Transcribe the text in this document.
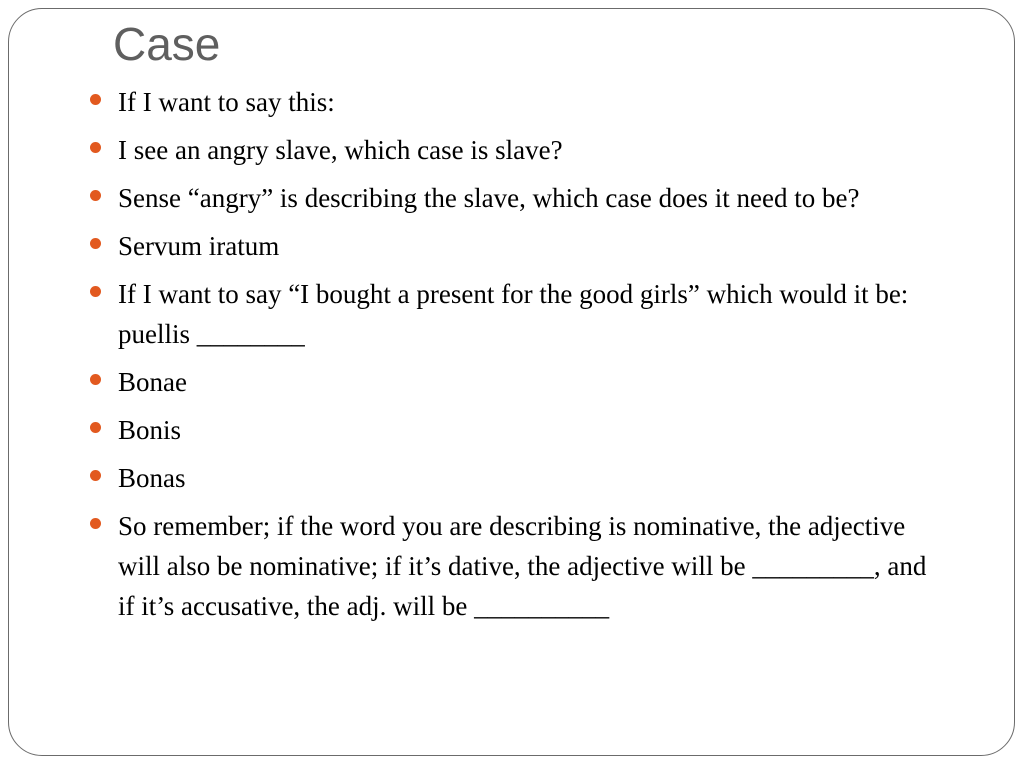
Case
If I want to say this:
I see an angry slave, which case is slave?
Sense “angry” is describing the slave, which case does it need to be?
Servum iratum
If I want to say “I bought a present for the good girls” which would it be: puellis ________
Bonae
Bonis
Bonas
So remember; if the word you are describing is nominative, the adjective will also be nominative; if it’s dative, the adjective will be _________, and if it’s accusative, the adj. will be __________
